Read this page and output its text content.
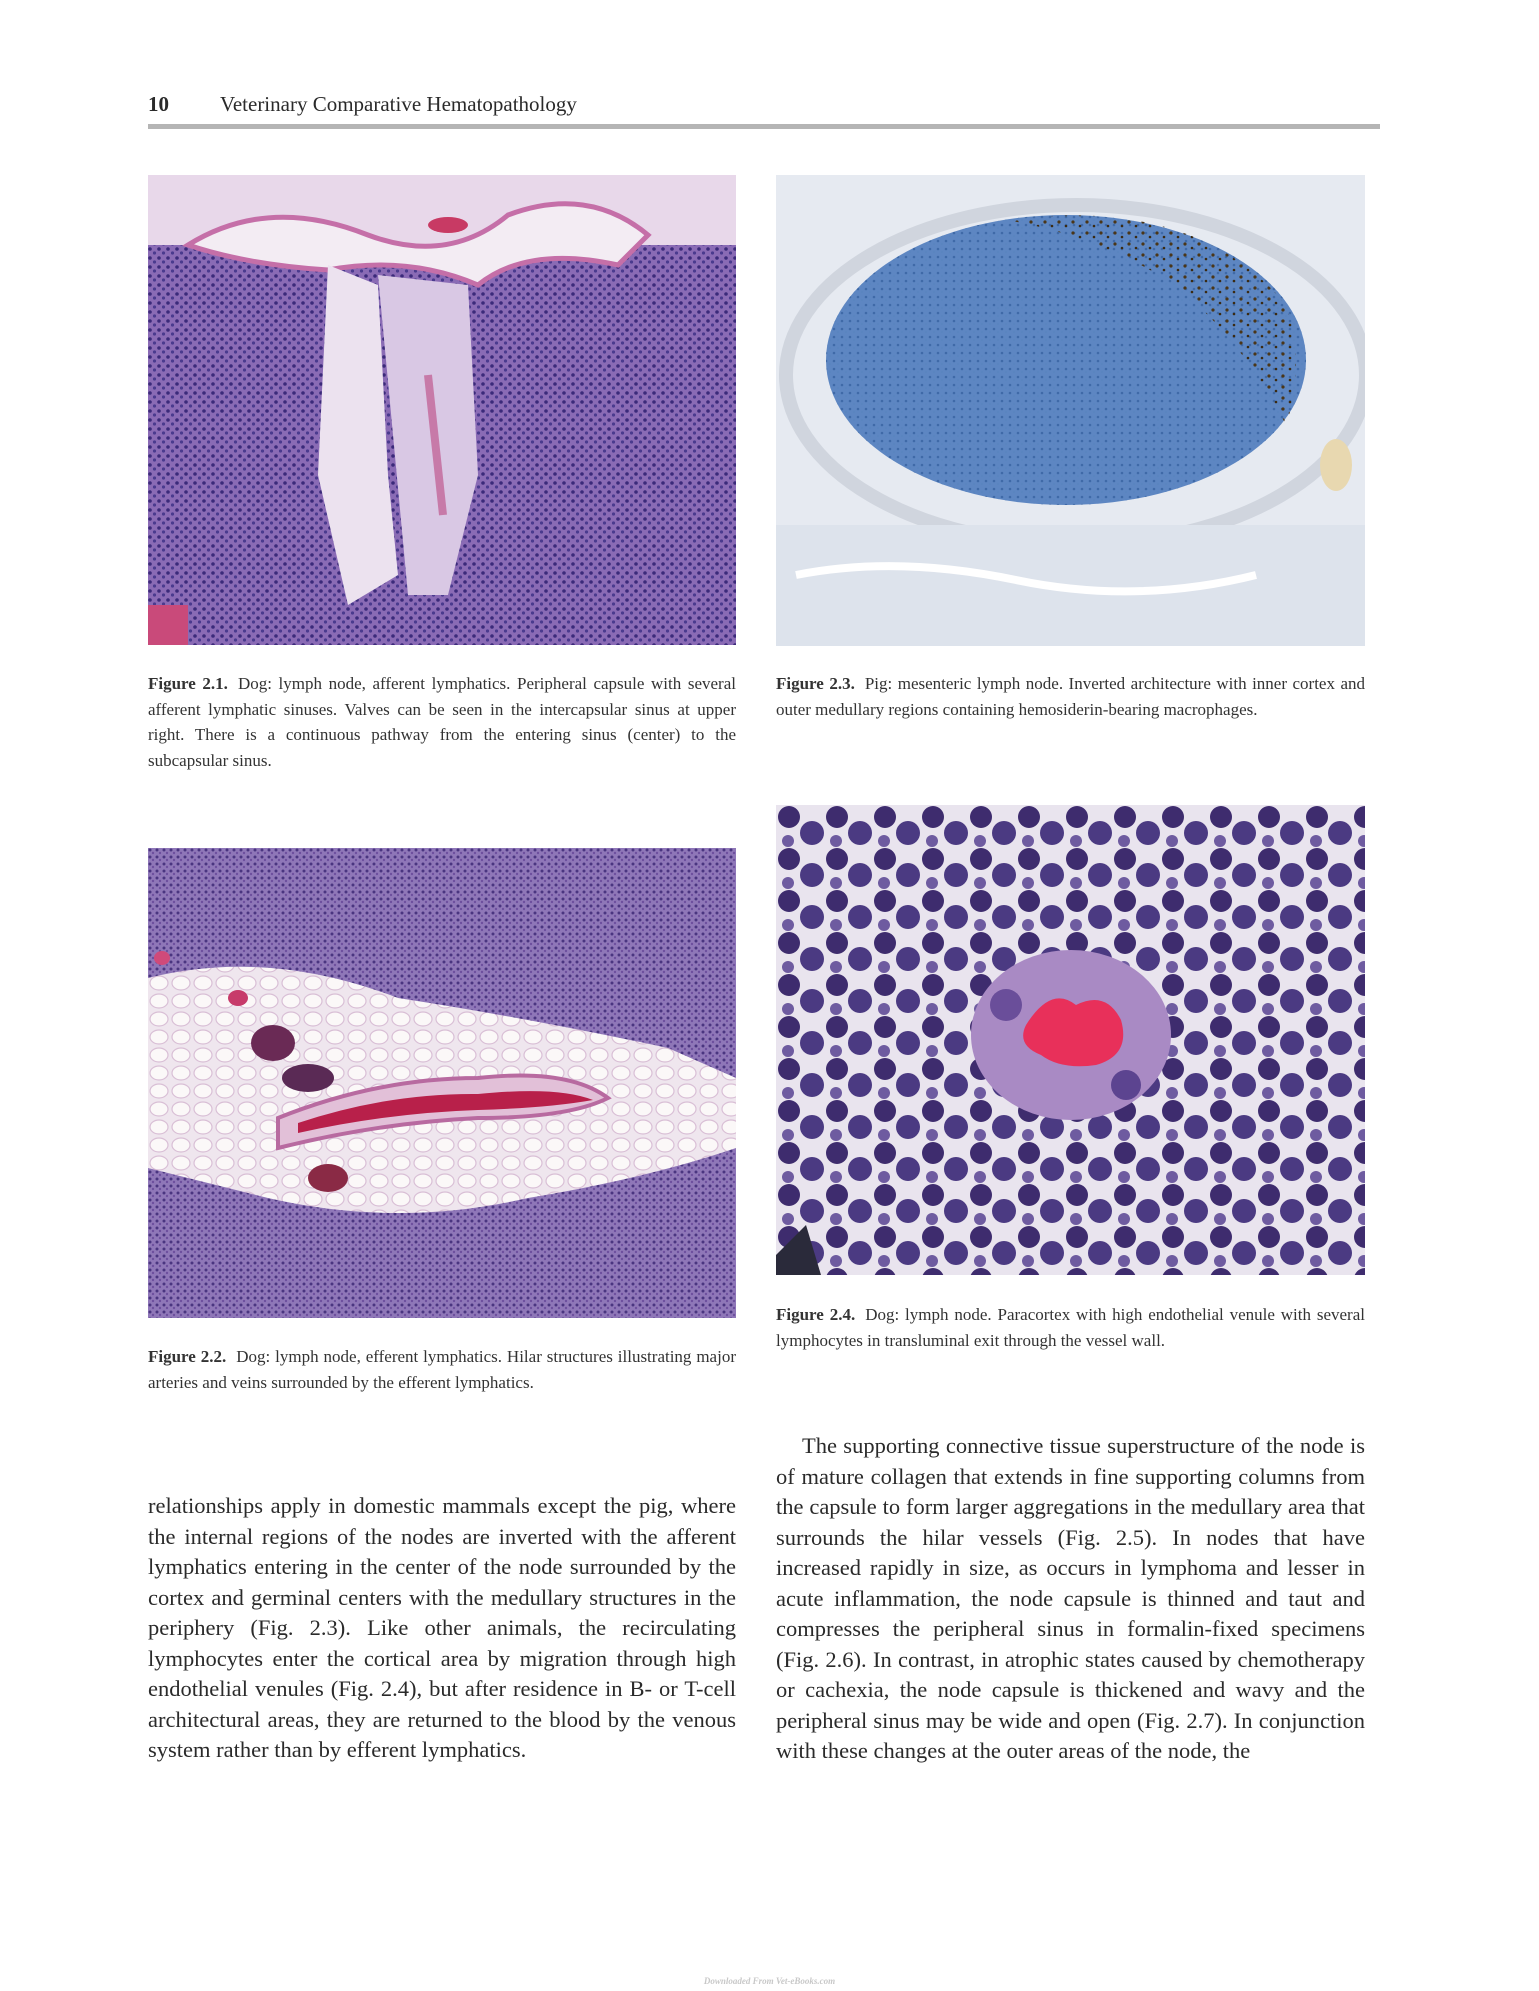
10 Veterinary Comparative Hematopathology
Figure 2.1. Dog: lymph node, afferent lymphatics. Peripheral capsule with several afferent lymphatic sinuses. Valves can be seen in the intercapsular sinus at upper right. There is a continuous pathway from the entering sinus (center) to the subcapsular sinus.
Figure 2.3. Pig: mesenteric lymph node. Inverted architecture with inner cortex and outer medullary regions containing hemosiderin-bearing macrophages.
Figure 2.4. Dog: lymph node. Paracortex with high endothelial venule with several lymphocytes in transluminal exit through the vessel wall.
Figure 2.2. Dog: lymph node, efferent lymphatics. Hilar structures illustrating major arteries and veins surrounded by the efferent lymphatics.

relationships apply in domestic mammals except the pig, where the internal regions of the nodes are inverted with the afferent lymphatics entering in the center of the node surrounded by the cortex and germinal centers with the medullary structures in the periphery (Fig. 2.3). Like other animals, the recirculating lymphocytes enter the cortical area by migration through high endothelial venules (Fig. 2.4), but after residence in B- or T-cell architectural areas, they are returned to the blood by the venous system rather than by efferent lymphatics.

The supporting connective tissue superstructure of the node is of mature collagen that extends in fine supporting columns from the capsule to form larger aggregations in the medullary area that surrounds the hilar vessels (Fig. 2.5). In nodes that have increased rapidly in size, as occurs in lymphoma and lesser in acute inflammation, the node capsule is thinned and taut and compresses the peripheral sinus in formalin-fixed specimens (Fig. 2.6). In contrast, in atrophic states caused by chemotherapy or cachexia, the node capsule is thickened and wavy and the peripheral sinus may be wide and open (Fig. 2.7). In conjunction with these changes at the outer areas of the node, the

Downloaded From Vet-eBooks.com
